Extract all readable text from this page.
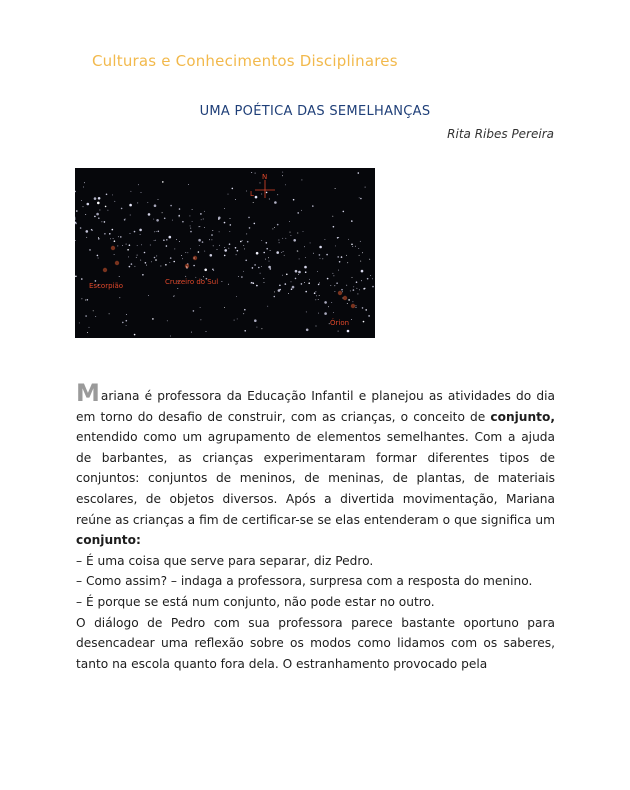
Culturas e Conhecimentos Disciplinares
UMA POÉTICA DAS SEMELHANÇAS
Rita Ribes Pereira
N
L
Escorpião	Cruzeiro do Sul
Órion

Mariana é professora da Educação Infantil e planejou as atividades do dia em torno do desafio de construir, com as crianças, o conceito de conjunto, entendido como um agrupamento de elementos semelhantes. Com a ajuda de barbantes, as crianças experimentaram formar diferentes tipos de conjuntos: conjuntos de meninos, de meninas, de plantas, de materiais escolares, de objetos diversos. Após a divertida movimentação, Mariana reúne as crianças a fim de certificar-se se elas entenderam o que significa um conjunto:

– É uma coisa que serve para separar, diz Pedro.

– Como assim? – indaga a professora, surpresa com a resposta do menino.

– É porque se está num conjunto, não pode estar no outro.

O diálogo de Pedro com sua professora parece bastante oportuno para desencadear uma reflexão sobre os modos como lidamos com os saberes, tanto na escola quanto fora dela. O estranhamento provocado pela
